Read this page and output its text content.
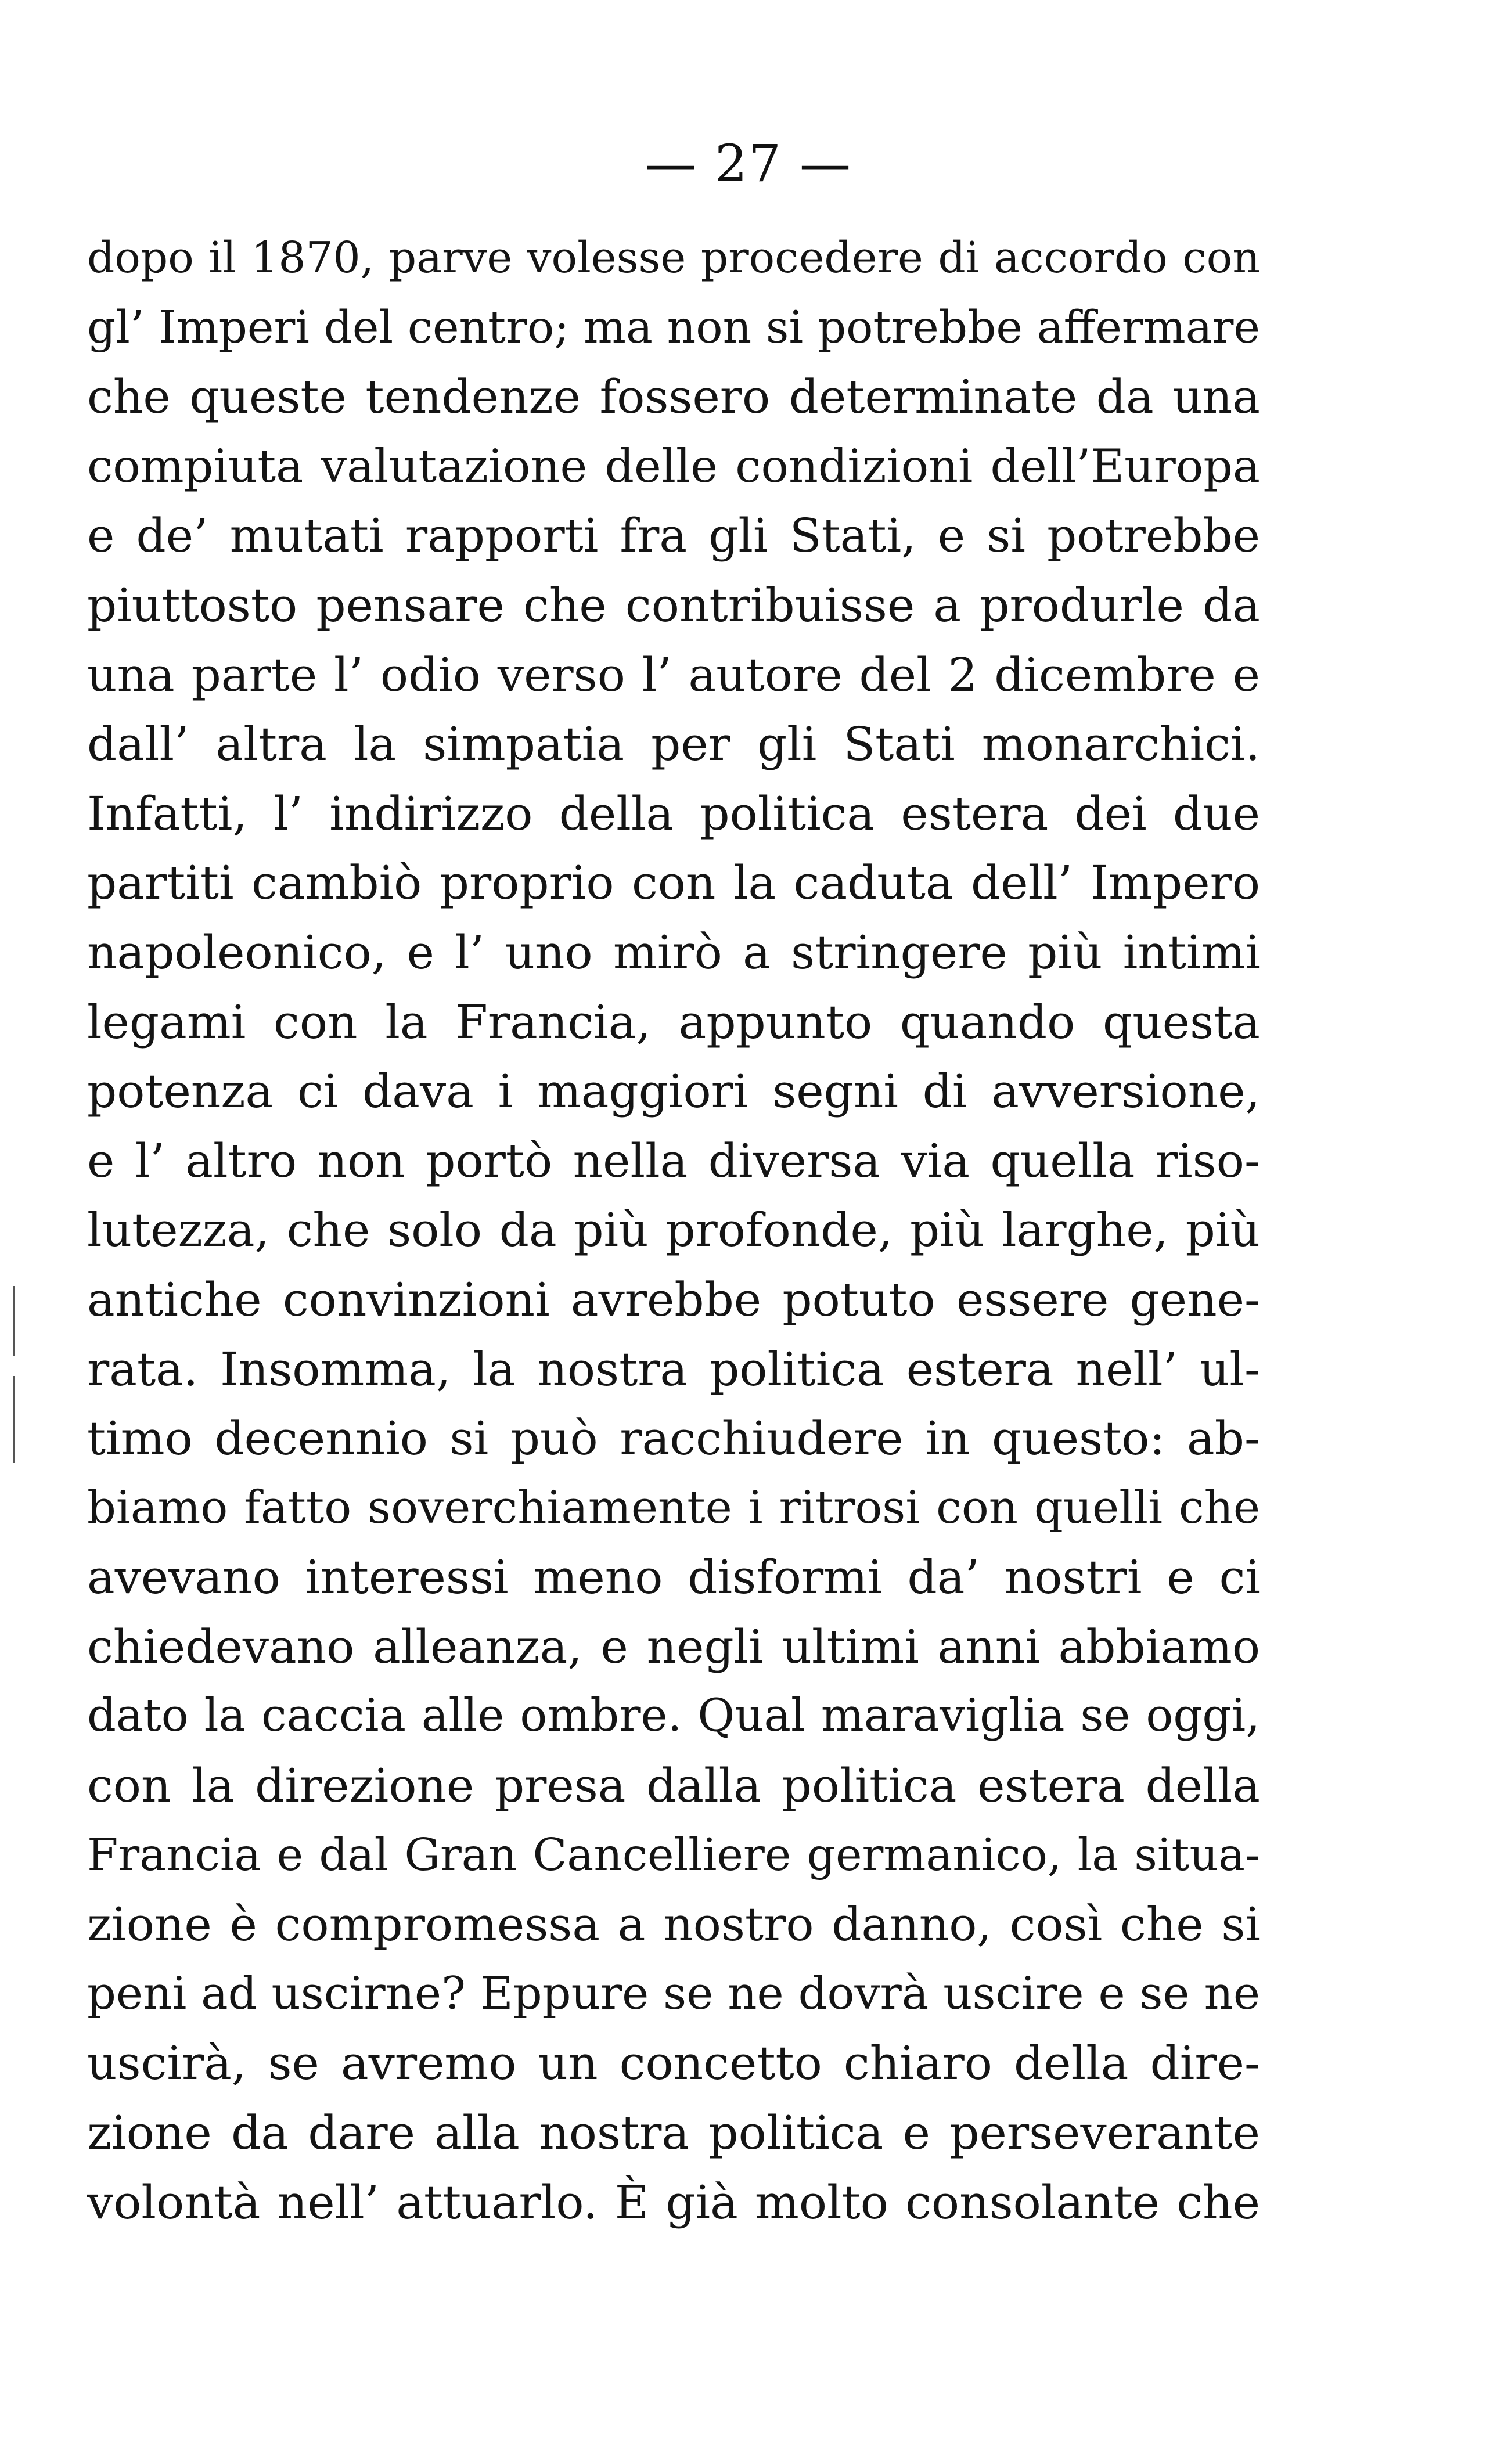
— 27 —
dopo il 1870, parve volesse procedere di accordo con
gl’ Imperi del centro; ma non si potrebbe affermare
che queste tendenze fossero determinate da una
compiuta valutazione delle condizioni dell’Europa
e de’ mutati rapporti fra gli Stati, e si potrebbe
piuttosto pensare che contribuisse a produrle da
una parte l’ odio verso l’ autore del 2 dicembre e
dall’ altra la simpatia per gli Stati monarchici.
Infatti, l’ indirizzo della politica estera dei due
partiti cambiò proprio con la caduta dell’ Impero
napoleonico, e l’ uno mirò a stringere più intimi
legami con la Francia, appunto quando questa
potenza ci dava i maggiori segni di avversione,
e l’ altro non portò nella diversa via quella riso-
lutezza, che solo da più profonde, più larghe, più
antiche convinzioni avrebbe potuto essere gene-
rata. Insomma, la nostra politica estera nell’ ul-
timo decennio si può racchiudere in questo: ab-
biamo fatto soverchiamente i ritrosi con quelli che
avevano interessi meno disformi da’ nostri e ci
chiedevano alleanza, e negli ultimi anni abbiamo
dato la caccia alle ombre. Qual maraviglia se oggi,
con la direzione presa dalla politica estera della
Francia e dal Gran Cancelliere germanico, la situa-
zione è compromessa a nostro danno, così che si
peni ad uscirne? Eppure se ne dovrà uscire e se ne
uscirà, se avremo un concetto chiaro della dire-
zione da dare alla nostra politica e perseverante
volontà nell’ attuarlo. È già molto consolante che
